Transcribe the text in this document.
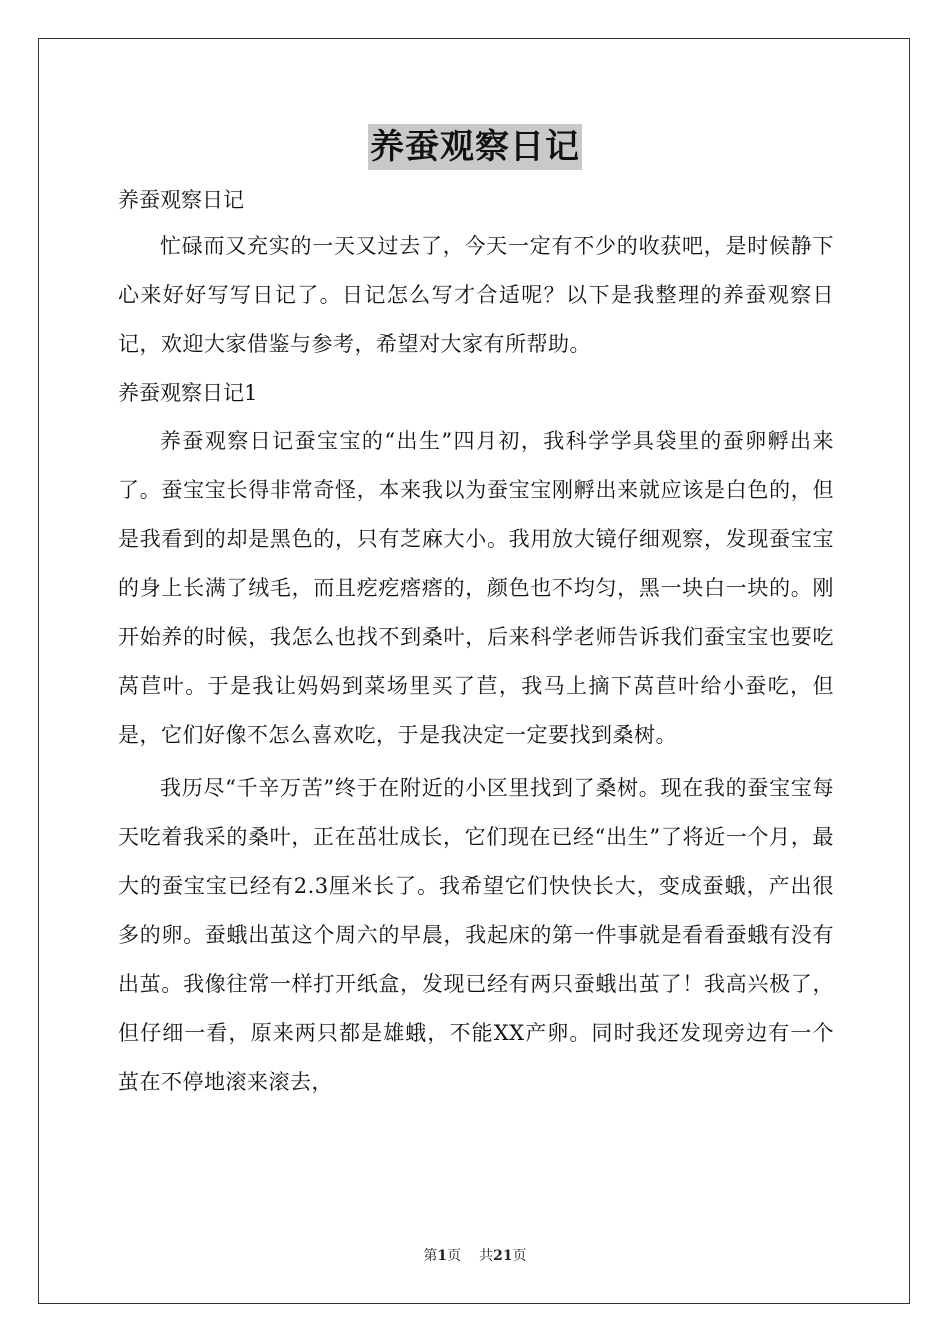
养蚕观察日记

养蚕观察日记

忙碌而又充实的一天又过去了，今天一定有不少的收获吧，是时候静下心来好好写写日记了。日记怎么写才合适呢？以下是我整理的养蚕观察日记，欢迎大家借鉴与参考，希望对大家有所帮助。

养蚕观察日记1

养蚕观察日记蚕宝宝的“出生”四月初，我科学学具袋里的蚕卵孵出来了。蚕宝宝长得非常奇怪，本来我以为蚕宝宝刚孵出来就应该是白色的，但是我看到的却是黑色的，只有芝麻大小。我用放大镜仔细观察，发现蚕宝宝的身上长满了绒毛，而且疙疙瘩瘩的，颜色也不均匀，黑一块白一块的。刚开始养的时候，我怎么也找不到桑叶，后来科学老师告诉我们蚕宝宝也要吃莴苣叶。于是我让妈妈到菜场里买了苣，我马上摘下莴苣叶给小蚕吃，但是，它们好像不怎么喜欢吃，于是我决定一定要找到桑树。

我历尽“千辛万苦”终于在附近的小区里找到了桑树。现在我的蚕宝宝每天吃着我采的桑叶，正在茁壮成长，它们现在已经“出生”了将近一个月，最大的蚕宝宝已经有2.3厘米长了。我希望它们快快长大，变成蚕蛾，产出很多的卵。蚕蛾出茧这个周六的早晨，我起床的第一件事就是看看蚕蛾有没有出茧。我像往常一样打开纸盒，发现已经有两只蚕蛾出茧了！我高兴极了，但仔细一看，原来两只都是雄蛾，不能XX产卵。同时我还发现旁边有一个茧在不停地滚来滚去，

第1页 共21页
